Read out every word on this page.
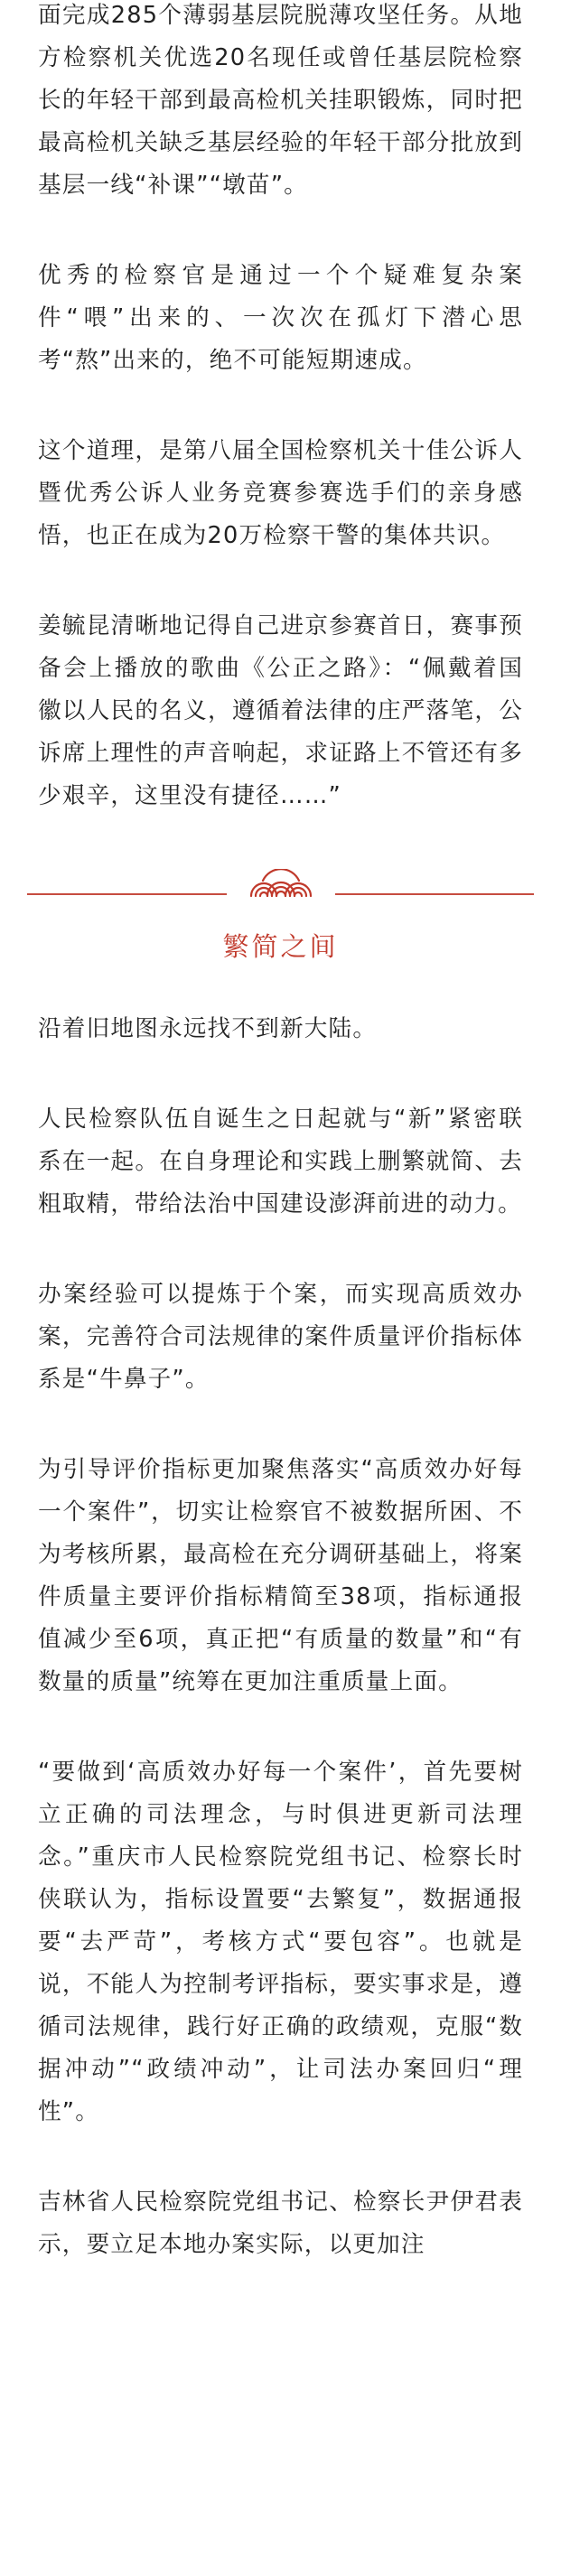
面完成285个薄弱基层院脱薄攻坚任务。从地方检察机关优选20名现任或曾任基层院检察长的年轻干部到最高检机关挂职锻炼，同时把最高检机关缺乏基层经验的年轻干部分批放到基层一线“补课”“墩苗”。

优秀的检察官是通过一个个疑难复杂案件“喂”出来的、一次次在孤灯下潜心思考“熬”出来的，绝不可能短期速成。

这个道理，是第八届全国检察机关十佳公诉人暨优秀公诉人业务竞赛参赛选手们的亲身感悟，也正在成为20万检察干警的集体共识。

姜毓昆清晰地记得自己进京参赛首日，赛事预备会上播放的歌曲《公正之路》：“佩戴着国徽以人民的名义，遵循着法律的庄严落笔，公诉席上理性的声音响起，求证路上不管还有多少艰辛，这里没有捷径……”

繁简之间

沿着旧地图永远找不到新大陆。

人民检察队伍自诞生之日起就与“新”紧密联系在一起。在自身理论和实践上删繁就简、去粗取精，带给法治中国建设澎湃前进的动力。

办案经验可以提炼于个案，而实现高质效办案，完善符合司法规律的案件质量评价指标体系是“牛鼻子”。

为引导评价指标更加聚焦落实“高质效办好每一个案件”，切实让检察官不被数据所困、不为考核所累，最高检在充分调研基础上，将案件质量主要评价指标精简至38项，指标通报值减少至6项，真正把“有质量的数量”和“有数量的质量”统筹在更加注重质量上面。

“要做到‘高质效办好每一个案件’，首先要树立正确的司法理念，与时俱进更新司法理念。”重庆市人民检察院党组书记、检察长时侠联认为，指标设置要“去繁复”，数据通报要“去严苛”，考核方式“要包容”。也就是说，不能人为控制考评指标，要实事求是，遵循司法规律，践行好正确的政绩观，克服“数据冲动”“政绩冲动”，让司法办案回归“理性”。

吉林省人民检察院党组书记、检察长尹伊君表示，要立足本地办案实际，以更加注
